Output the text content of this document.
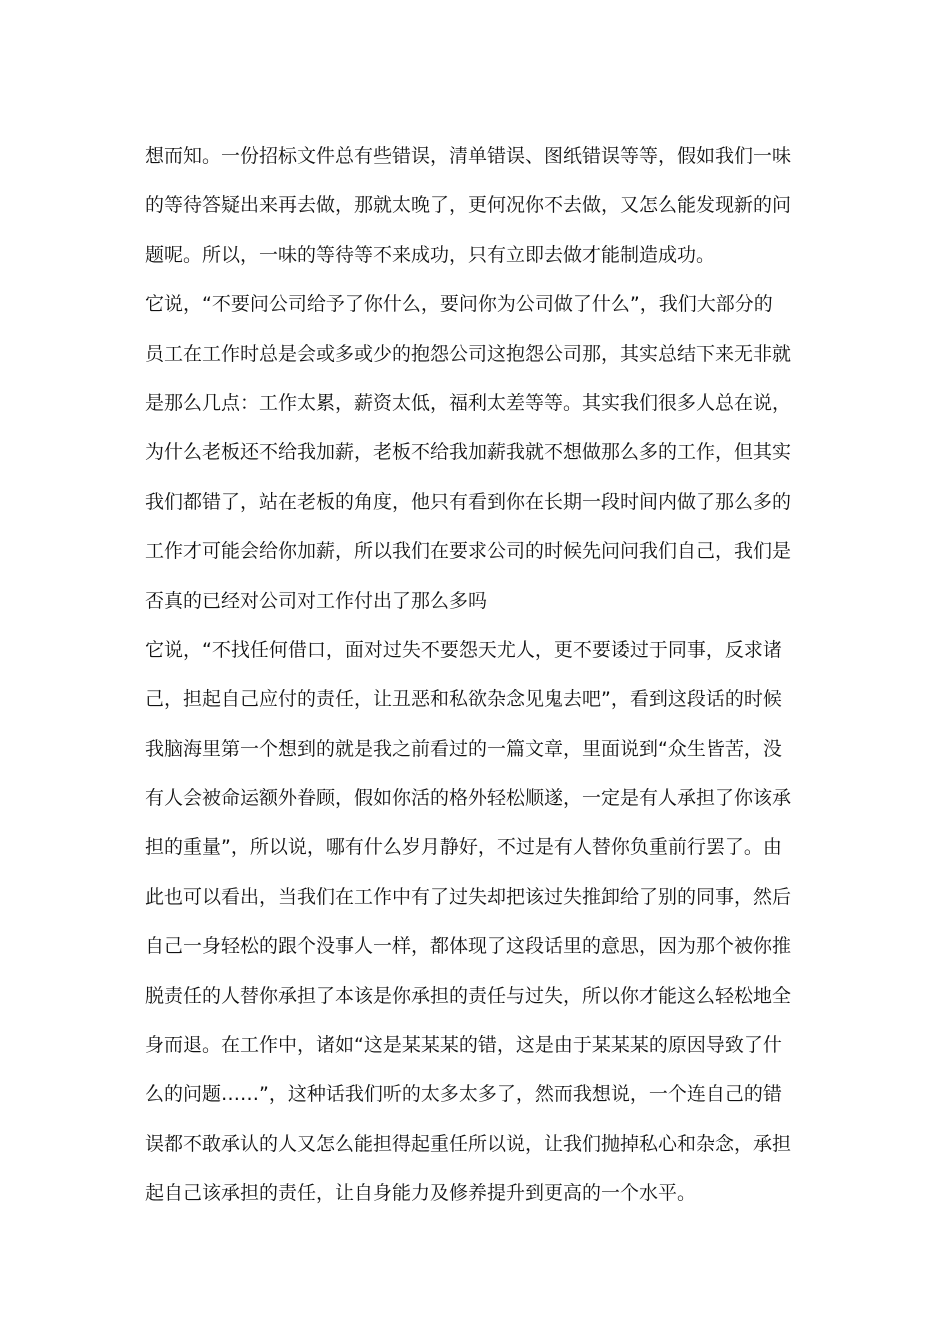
想而知。一份招标文件总有些错误，清单错误、图纸错误等等，假如我们一味
的等待答疑出来再去做，那就太晚了，更何况你不去做，又怎么能发现新的问
题呢。所以，一味的等待等不来成功，只有立即去做才能制造成功。
它说，“不要问公司给予了你什么，要问你为公司做了什么”，我们大部分的
员工在工作时总是会或多或少的抱怨公司这抱怨公司那，其实总结下来无非就
是那么几点：工作太累，薪资太低，福利太差等等。其实我们很多人总在说，
为什么老板还不给我加薪，老板不给我加薪我就不想做那么多的工作，但其实
我们都错了，站在老板的角度，他只有看到你在长期一段时间内做了那么多的
工作才可能会给你加薪，所以我们在要求公司的时候先问问我们自己，我们是
否真的已经对公司对工作付出了那么多吗
它说，“不找任何借口，面对过失不要怨天尤人，更不要诿过于同事，反求诸
己，担起自己应付的责任，让丑恶和私欲杂念见鬼去吧”，看到这段话的时候
我脑海里第一个想到的就是我之前看过的一篇文章，里面说到“众生皆苦，没
有人会被命运额外眷顾，假如你活的格外轻松顺遂，一定是有人承担了你该承
担的重量”，所以说，哪有什么岁月静好，不过是有人替你负重前行罢了。由
此也可以看出，当我们在工作中有了过失却把该过失推卸给了别的同事，然后
自己一身轻松的跟个没事人一样，都体现了这段话里的意思，因为那个被你推
脱责任的人替你承担了本该是你承担的责任与过失，所以你才能这么轻松地全
身而退。在工作中，诸如“这是某某某的错，这是由于某某某的原因导致了什
么的问题……”，这种话我们听的太多太多了，然而我想说，一个连自己的错
误都不敢承认的人又怎么能担得起重任所以说，让我们抛掉私心和杂念，承担
起自己该承担的责任，让自身能力及修养提升到更高的一个水平。
